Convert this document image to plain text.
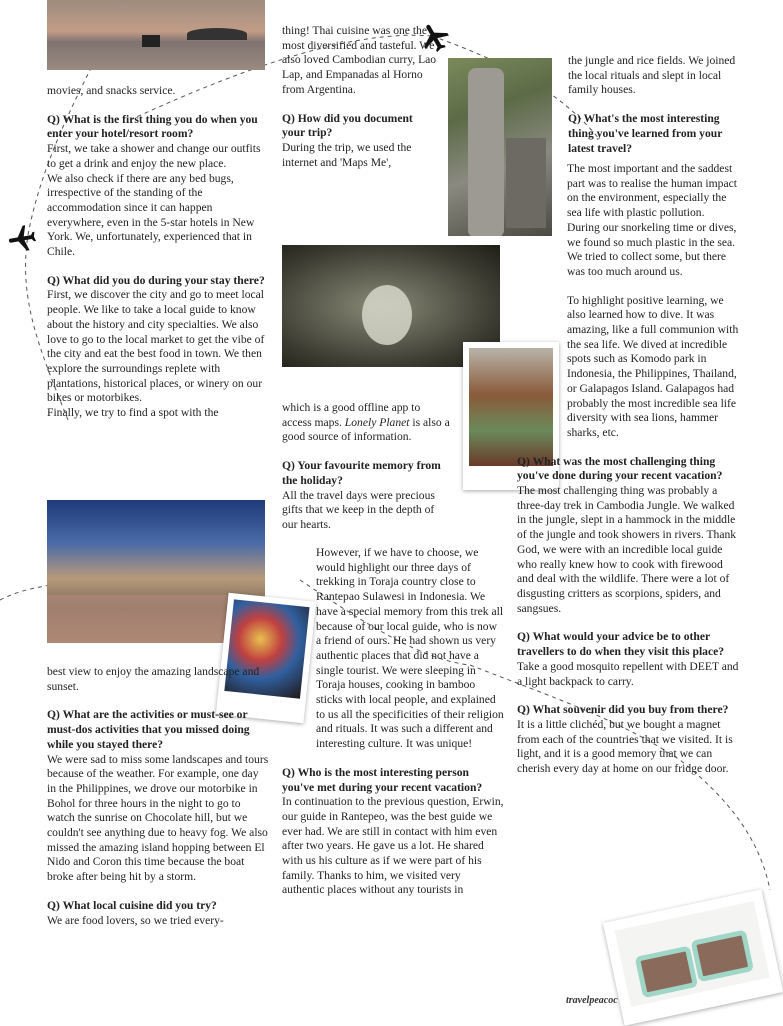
movies, and snacks service.

Q) What is the first thing you do when you enter your hotel/resort room?
First, we take a shower and change our outfits to get a drink and enjoy the new place.

We also check if there are any bed bugs, irrespective of the standing of the accommodation since it can happen everywhere, even in the 5-star hotels in New York. We, unfortunately, experienced that in Chile.

Q) What did you do during your stay there?
First, we discover the city and go to meet local people. We like to take a local guide to know about the history and city specialties. We also love to go to the local market to get the vibe of the city and eat the best food in town. We then explore the surroundings replete with plantations, historical places, or winery on our bikes or motorbikes.
Finally, we try to find a spot with the

best view to enjoy the amazing landscape and sunset.

Q) What are the activities or must-see or must-dos activities that you missed doing while you stayed there?

We were sad to miss some landscapes and tours because of the weather. For example, one day in the Philippines, we drove our motorbike in Bohol for three hours in the night to go to watch the sunrise on Chocolate hill, but we couldn't see anything due to heavy fog. We also missed the amazing island hopping between El Nido and Coron this time because the boat broke after being hit by a storm.

Q) What local cuisine did you try?
We are food lovers, so we tried every-

thing! Thai cuisine was one the most diversified and tasteful. We also loved Cambodian curry, Lao Lap, and Empanadas al Horno from Argentina.

Q) How did you document your trip?
During the trip, we used the internet and 'Maps Me',

which is a good offline app to access maps. Lonely Planet is also a good source of information.

Q) Your favourite memory from the holiday?
All the travel days were precious gifts that we keep in the depth of our hearts.

However, if we have to choose, we would highlight our three days of trekking in Toraja country close to Rantepao Sulawesi in Indonesia. We have a special memory from this trek all because of our local guide, who is now a friend of ours. He had shown us very authentic places that did not have a single tourist. We were sleeping in Toraja houses, cooking in bamboo sticks with local people, and explained to us all the specificities of their religion and rituals. It was such a different and interesting culture. It was unique!

Q) Who is the most interesting person you've met during your recent vacation?
In continuation to the previous question, Erwin, our guide in Rantepeo, was the best guide we ever had. We are still in contact with him even after two years. He gave us a lot. He shared with us his culture as if we were part of his family. Thanks to him, we visited very authentic places without any tourists in

the jungle and rice fields. We joined the local rituals and slept in local family houses.

Q) What's the most interesting thing you've learned from your latest travel?

The most important and the saddest part was to realise the human impact on the environment, especially the sea life with plastic pollution. During our snorkeling time or dives, we found so much plastic in the sea. We tried to collect some, but there was too much around us.

To highlight positive learning, we also learned how to dive. It was amazing, like a full communion with the sea life. We dived at incredible spots such as Komodo park in Indonesia, the Philippines, Thailand, or Galapagos Island. Galapagos had probably the most incredible sea life diversity with sea lions, hammer sharks, etc.

Q) What was the most challenging thing you've done during your recent vacation?

The most challenging thing was probably a three-day trek in Cambodia Jungle. We walked in the jungle, slept in a hammock in the middle of the jungle and took showers in rivers. Thank God, we were with an incredible local guide who really knew how to cook with firewood and deal with the wildlife. There were a lot of disgusting critters as scorpions, spiders, and sangsues.

Q) What would your advice be to other travellers to do when they visit this place?

Take a good mosquito repellent with DEET and a light backpack to carry.

Q) What souvenir did you buy from there?
It is a little clichéd, but we bought a magnet from each of the countries that we visited. It is light, and it is a good memory that we can cherish every day at home on our fridge door.
travelpeacoc
